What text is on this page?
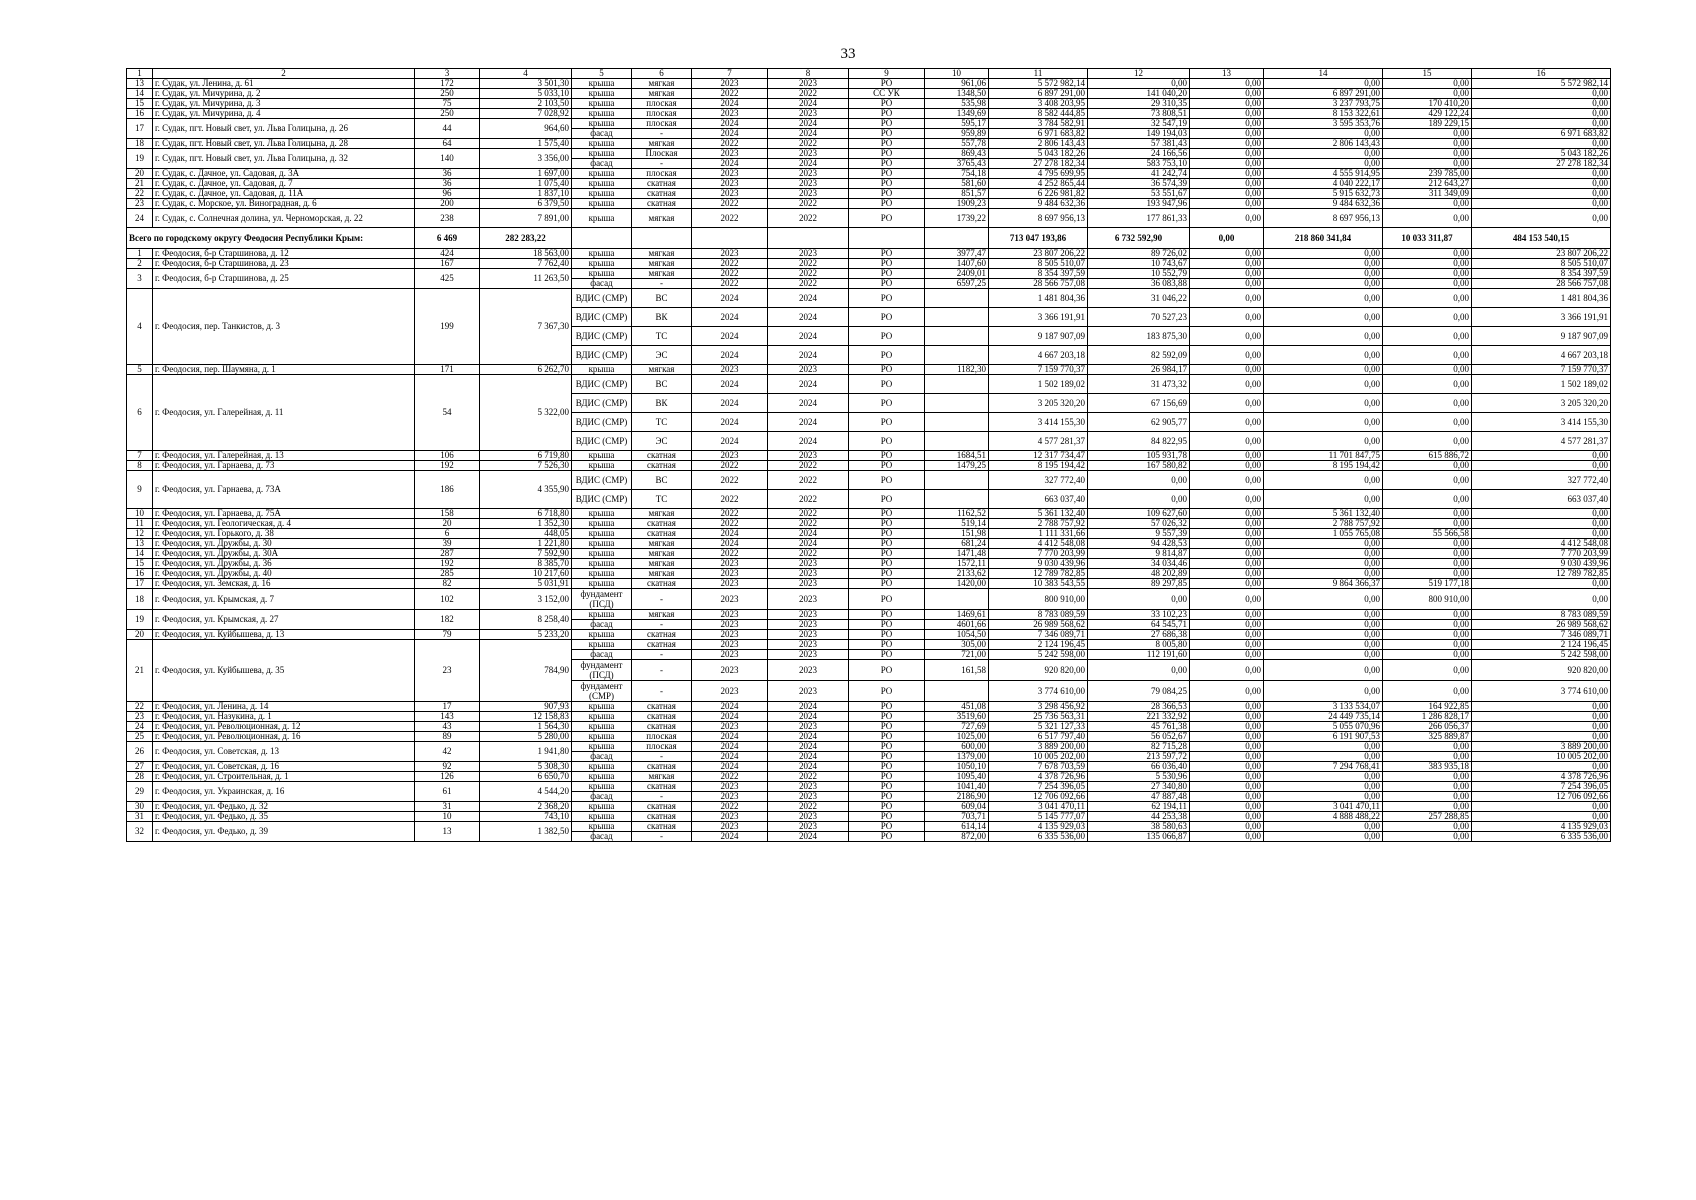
33
1	2	3	4	5	6	7	8	9	10	11	12	13	14	15	16
13	г. Судак, ул. Ленина, д. 61	172	3 501,30	крыша	мягкая	2023	2023	РО	961,06	5 572 982,14	0,00	0,00	0,00	0,00	5 572 982,14
14	г. Судак, ул. Мичурина, д. 2	250	5 033,10	крыша	мягкая	2022	2022	СС УК	1348,50	6 897 291,00	141 040,20	0,00	6 897 291,00	0,00	0,00
15	г. Судак, ул. Мичурина, д. 3	75	2 103,50	крыша	плоская	2024	2024	РО	535,98	3 408 203,95	29 310,35	0,00	3 237 793,75	170 410,20	0,00
16	г. Судак, ул. Мичурина, д. 4	250	7 028,92	крыша	плоская	2023	2023	РО	1349,69	8 582 444,85	73 808,51	0,00	8 153 322,61	429 122,24	0,00
17	г. Судак, пгт. Новый свет, ул. Льва Голицына, д. 26	44	964,60	крыша	плоская	2024	2024	РО	595,17	3 784 582,91	32 547,19	0,00	3 595 353,76	189 229,15	0,00
				фасад	-	2024	2024	РО	959,89	6 971 683,82	149 194,03	0,00	0,00	0,00	6 971 683,82
18	г. Судак, пгт. Новый свет, ул. Льва Голицына, д. 28	64	1 575,40	крыша	мягкая	2022	2022	РО	557,78	2 806 143,43	57 381,43	0,00	2 806 143,43	0,00	0,00
19	г. Судак, пгт. Новый свет, ул. Льва Голицына, д. 32	140	3 356,00	крыша	Плоская	2023	2023	РО	869,43	5 043 182,26	24 166,56	0,00	0,00	0,00	5 043 182,26
				фасад	-	2024	2024	РО	3765,43	27 278 182,34	583 753,10	0,00	0,00	0,00	27 278 182,34
20	г. Судак, с. Дачное, ул. Садовая, д. 3А	36	1 697,00	крыша	плоская	2023	2023	РО	754,18	4 795 699,95	41 242,74	0,00	4 555 914,95	239 785,00	0,00
21	г. Судак, с. Дачное, ул. Садовая, д. 7	36	1 075,40	крыша	скатная	2023	2023	РО	581,60	4 252 865,44	36 574,39	0,00	4 040 222,17	212 643,27	0,00
22	г. Судак, с. Дачное, ул. Садовая, д. 11А	96	1 837,10	крыша	скатная	2023	2023	РО	851,57	6 226 981,82	53 551,67	0,00	5 915 632,73	311 349,09	0,00
23	г. Судак, с. Морское, ул. Виноградная, д. 6	200	6 379,50	крыша	скатная	2022	2022	РО	1909,23	9 484 632,36	193 947,96	0,00	9 484 632,36	0,00	0,00
24	г. Судак, с. Солнечная долина, ул. Черноморская, д. 22	238	7 891,00	крыша	мягкая	2022	2022	РО	1739,22	8 697 956,13	177 861,33	0,00	8 697 956,13	0,00	0,00
Всего по городскому округу Феодосия Республики Крым:		6 469	282 283,22							713 047 193,86	6 732 592,90	0,00	218 860 341,84	10 033 311,87	484 153 540,15
1	г. Феодосия, б-р Старшинова, д. 12	424	18 563,00	крыша	мягкая	2023	2023	РО	3977,47	23 807 206,22	89 726,02	0,00	0,00	0,00	23 807 206,22
2	г. Феодосия, б-р Старшинова, д. 23	167	7 762,40	крыша	мягкая	2022	2022	РО	1407,60	8 505 510,07	10 743,67	0,00	0,00	0,00	8 505 510,07
3	г. Феодосия, б-р Старшинова, д. 25	425	11 263,50	крыша	мягкая	2022	2022	РО	2409,01	8 354 397,59	10 552,79	0,00	0,00	0,00	8 354 397,59
				фасад	-	2022	2022	РО	6597,25	28 566 757,08	36 083,88	0,00	0,00	0,00	28 566 757,08
4	г. Феодосия, пер. Танкистов, д. 3	199	7 367,30	ВДИС (СМР)	ВС	2024	2024	РО		1 481 804,36	31 046,22	0,00	0,00	0,00	1 481 804,36
				ВДИС (СМР)	ВК	2024	2024	РО		3 366 191,91	70 527,23	0,00	0,00	0,00	3 366 191,91
				ВДИС (СМР)	ТС	2024	2024	РО		9 187 907,09	183 875,30	0,00	0,00	0,00	9 187 907,09
				ВДИС (СМР)	ЭС	2024	2024	РО		4 667 203,18	82 592,09	0,00	0,00	0,00	4 667 203,18
5	г. Феодосия, пер. Шаумяна, д. 1	171	6 262,70	крыша	мягкая	2023	2023	РО	1182,30	7 159 770,37	26 984,17	0,00	0,00	0,00	7 159 770,37
6	г. Феодосия, ул. Галерейная, д. 11	54	5 322,00	ВДИС (СМР)	ВС	2024	2024	РО		1 502 189,02	31 473,32	0,00	0,00	0,00	1 502 189,02
				ВДИС (СМР)	ВК	2024	2024	РО		3 205 320,20	67 156,69	0,00	0,00	0,00	3 205 320,20
				ВДИС (СМР)	ТС	2024	2024	РО		3 414 155,30	62 905,77	0,00	0,00	0,00	3 414 155,30
				ВДИС (СМР)	ЭС	2024	2024	РО		4 577 281,37	84 822,95	0,00	0,00	0,00	4 577 281,37
7	г. Феодосия, ул. Галерейная, д. 13	106	6 719,80	крыша	скатная	2023	2023	РО	1684,51	12 317 734,47	105 931,78	0,00	11 701 847,75	615 886,72	0,00
8	г. Феодосия, ул. Гарнаева, д. 73	192	7 526,30	крыша	скатная	2022	2022	РО	1479,25	8 195 194,42	167 580,82	0,00	8 195 194,42	0,00	0,00
9	г. Феодосия, ул. Гарнаева, д. 73А	186	4 355,90	ВДИС (СМР)	ВС	2022	2022	РО		327 772,40	0,00	0,00	0,00	0,00	327 772,40
				ВДИС (СМР)	ТС	2022	2022	РО		663 037,40	0,00	0,00	0,00	0,00	663 037,40
10	г. Феодосия, ул. Гарнаева, д. 75А	158	6 718,80	крыша	мягкая	2022	2022	РО	1162,52	5 361 132,40	109 627,60	0,00	5 361 132,40	0,00	0,00
11	г. Феодосия, ул. Геологическая, д. 4	20	1 352,30	крыша	скатная	2022	2022	РО	519,14	2 788 757,92	57 026,32	0,00	2 788 757,92	0,00	0,00
12	г. Феодосия, ул. Горького, д. 38	6	448,05	крыша	скатная	2024	2024	РО	151,98	1 111 331,66	9 557,39	0,00	1 055 765,08	55 566,58	0,00
13	г. Феодосия, ул. Дружбы, д. 30	39	1 221,80	крыша	мягкая	2024	2024	РО	681,24	4 412 548,08	94 428,53	0,00	0,00	0,00	4 412 548,08
14	г. Феодосия, ул. Дружбы, д. 30А	287	7 592,90	крыша	мягкая	2022	2022	РО	1471,48	7 770 203,99	9 814,87	0,00	0,00	0,00	7 770 203,99
15	г. Феодосия, ул. Дружбы, д. 36	192	8 385,70	крыша	мягкая	2023	2023	РО	1572,11	9 030 439,96	34 034,46	0,00	0,00	0,00	9 030 439,96
16	г. Феодосия, ул. Дружбы, д. 40	285	10 217,60	крыша	мягкая	2023	2023	РО	2133,62	12 789 782,85	48 202,89	0,00	0,00	0,00	12 789 782,85
17	г. Феодосия, ул. Земская, д. 16	82	5 031,91	крыша	скатная	2023	2023	РО	1420,00	10 383 543,55	89 297,85	0,00	9 864 366,37	519 177,18	0,00
18	г. Феодосия, ул. Крымская, д. 7	102	3 152,00	фундамент (ПСД)	-	2023	2023	РО		800 910,00	0,00	0,00	0,00	800 910,00	0,00
19	г. Феодосия, ул. Крымская, д. 27	182	8 258,40	крыша	мягкая	2023	2023	РО	1469,61	8 783 089,59	33 102,23	0,00	0,00	0,00	8 783 089,59
				фасад	-	2023	2023	РО	4601,66	26 989 568,62	64 545,71	0,00	0,00	0,00	26 989 568,62
20	г. Феодосия, ул. Куйбышева, д. 13	79	5 233,20	крыша	скатная	2023	2023	РО	1054,50	7 346 089,71	27 686,38	0,00	0,00	0,00	7 346 089,71
21	г. Феодосия, ул. Куйбышева, д. 35	23	784,90	крыша	скатная	2023	2023	РО	305,00	2 124 196,45	8 005,80	0,00	0,00	0,00	2 124 196,45
				фасад	-	2023	2023	РО	721,00	5 242 598,00	112 191,60	0,00	0,00	0,00	5 242 598,00
				фундамент (ПСД)	-	2023	2023	РО	161,58	920 820,00	0,00	0,00	0,00	0,00	920 820,00
				фундамент (СМР)	-	2023	2023	РО		3 774 610,00	79 084,25	0,00	0,00	0,00	3 774 610,00
22	г. Феодосия, ул. Ленина, д. 14	17	907,93	крыша	скатная	2024	2024	РО	451,08	3 298 456,92	28 366,53	0,00	3 133 534,07	164 922,85	0,00
23	г. Феодосия, ул. Назукина, д. 1	143	12 158,83	крыша	скатная	2024	2024	РО	3519,60	25 736 563,31	221 332,92	0,00	24 449 735,14	1 286 828,17	0,00
24	г. Феодосия, ул. Революционная, д. 12	43	1 564,30	крыша	скатная	2023	2023	РО	727,69	5 321 127,33	45 761,38	0,00	5 055 070,96	266 056,37	0,00
25	г. Феодосия, ул. Революционная, д. 16	89	5 280,00	крыша	плоская	2024	2024	РО	1025,00	6 517 797,40	56 052,67	0,00	6 191 907,53	325 889,87	0,00
26	г. Феодосия, ул. Советская, д. 13	42	1 941,80	крыша	плоская	2024	2024	РО	600,00	3 889 200,00	82 715,28	0,00	0,00	0,00	3 889 200,00
				фасад	-	2024	2024	РО	1379,00	10 005 202,00	213 597,72	0,00	0,00	0,00	10 005 202,00
27	г. Феодосия, ул. Советская, д. 16	92	5 308,30	крыша	скатная	2024	2024	РО	1050,10	7 678 703,59	66 036,40	0,00	7 294 768,41	383 935,18	0,00
28	г. Феодосия, ул. Строительная, д. 1	126	6 650,70	крыша	мягкая	2022	2022	РО	1095,40	4 378 726,96	5 530,96	0,00	0,00	0,00	4 378 726,96
29	г. Феодосия, ул. Украинская, д. 16	61	4 544,20	крыша	скатная	2023	2023	РО	1041,40	7 254 396,05	27 340,80	0,00	0,00	0,00	7 254 396,05
				фасад	-	2023	2023	РО	2186,90	12 706 092,66	47 887,48	0,00	0,00	0,00	12 706 092,66
30	г. Феодосия, ул. Федько, д. 32	31	2 368,20	крыша	скатная	2022	2022	РО	609,04	3 041 470,11	62 194,11	0,00	3 041 470,11	0,00	0,00
31	г. Феодосия, ул. Федько, д. 35	10	743,10	крыша	скатная	2023	2023	РО	703,71	5 145 777,07	44 253,38	0,00	4 888 488,22	257 288,85	0,00
32	г. Феодосия, ул. Федько, д. 39	13	1 382,50	крыша	скатная	2023	2023	РО	614,14	4 135 929,03	38 580,63	0,00	0,00	0,00	4 135 929,03
				фасад	-	2024	2024	РО	872,00	6 335 536,00	135 066,87	0,00	0,00	0,00	6 335 536,00
